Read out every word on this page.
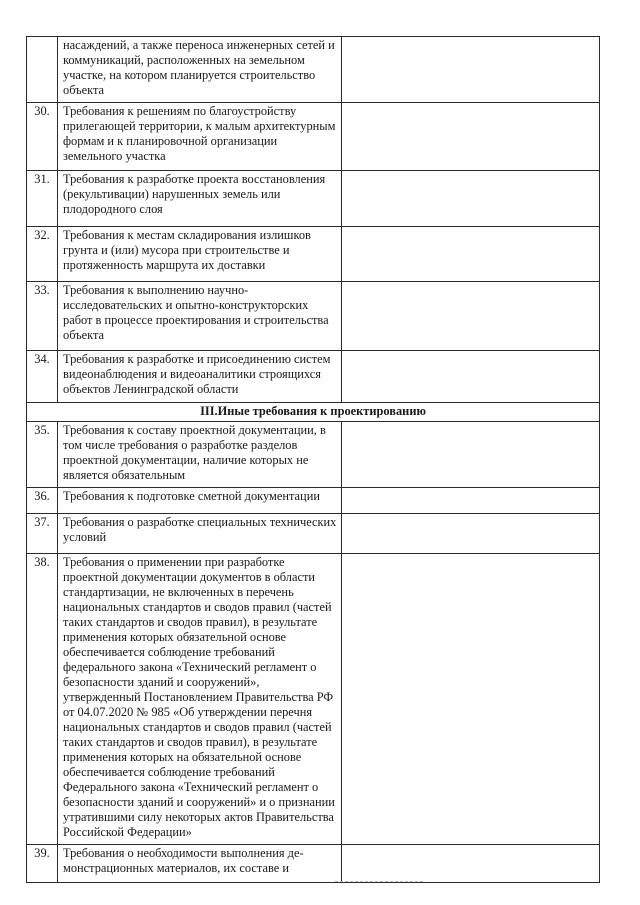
	насаждений, а также переноса инженерных сетей и коммуникаций, расположенных на земельном участке, на котором планируется строительство объекта	
30.	Требования к решениям по благоустройству прилегающей территории, к малым архитектурным формам и к планировочной организации земельного участка	
31.	Требования к разработке проекта восстановления (рекультивации) нарушенных земель или плодородного слоя	
32.	Требования к местам складирования излишков грунта и (или) мусора при строительстве и протяженность маршрута их доставки	
33.	Требования к выполнению научно-исследовательских и опытно-конструкторских работ в процессе проектирования и строительства объекта	
34.	Требования к разработке и присоединению систем видеонаблюдения и видеоаналитики строящихся объектов Ленинградской области	
III.Иные требования к проектированию		
35.	Требования к составу проектной документации, в том числе требования о разработке разделов проектной документации, наличие которых не является обязательным	
36.	Требования к подготовке сметной документации	
37.	Требования о разработке специальных технических условий	
38.	Требования о применении при разработке проектной документации документов в области стандартизации, не включенных в перечень национальных стандартов и сводов правил (частей таких стандартов и сводов правил), в результате применения которых обязательной основе обеспечивается соблюдение требований федерального закона «Технический регламент о безопасности зданий и сооружений», утвержденный Постановлением Правительства РФ от 04.07.2020 № 985 «Об утверждении перечня национальных стандартов и сводов правил (частей таких стандартов и сводов правил), в результате применения которых на обязательной основе обеспечивается соблюдение требований Федерального закона «Технический регламент о безопасности зданий и сооружений» и о признании утратившими силу некоторых актов Правительства Российской Федерации»	
39.	Требования о необходимости выполнения де-монстрационных материалов, их составе и	
